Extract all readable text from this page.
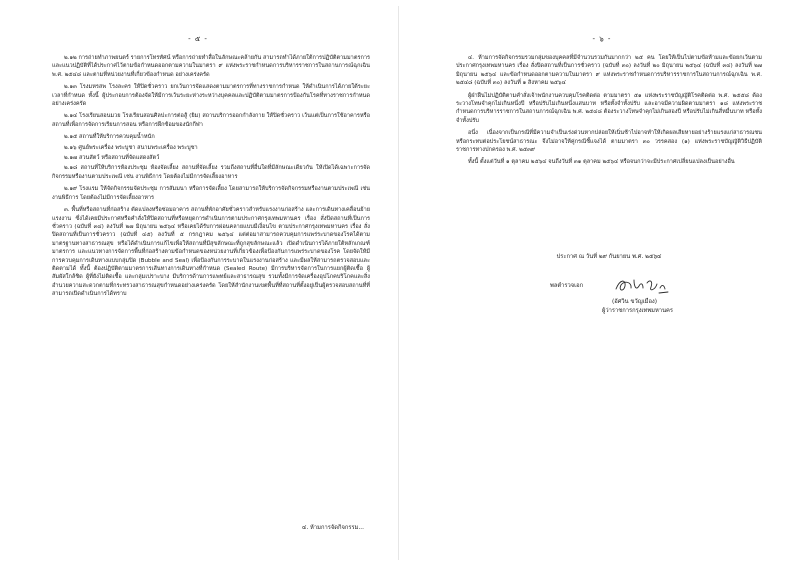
- ๕ -

๒.๑๒ การถ่ายทำภาพยนตร์ รายการโทรทัศน์ หรือการถ่ายทำสื่อในลักษณะคล้ายกัน สามารถทำได้ภายใต้การปฏิบัติตามมาตรการและแนวปฏิบัติที่ได้ประกาศไว้ตามข้อกำหนดออกตามความในมาตรา ๙ แห่งพระราชกำหนดการบริหารราชการในสถานการณ์ฉุกเฉิน พ.ศ. ๒๕๔๘ และตามที่หน่วยงานที่เกี่ยวข้องกำหนด อย่างเคร่งครัด

๒.๑๓ โรงมหรสพ โรงละคร ให้ปิดชั่วคราว ยกเว้นการจัดแสดงตามมาตรการที่ทางราชการกำหนด ให้ดำเนินการได้ภายใต้ระยะเวลาที่กำหนด ทั้งนี้ ผู้ประกอบการต้องจัดให้มีการเว้นระยะห่างระหว่างบุคคลและปฏิบัติตามมาตรการป้องกันโรคที่ทางราชการกำหนดอย่างเคร่งครัด

๒.๑๔ โรงเรียนสอนมวย โรงเรียนสอนศิลปะการต่อสู้ (ยิม) สถานบริการออกกำลังกาย ให้ปิดชั่วคราว เว้นแต่เป็นการใช้อาคารหรือสถานที่เพื่อการจัดการเรียนการสอน หรือการฝึกซ้อมของนักกีฬา

๒.๑๕ สถานที่ให้บริการควบคุมน้ำหนัก

๒.๑๖ ศูนย์พระเครื่อง พระบูชา สนามพระเครื่อง พระบูชา

๒.๑๗ สวนสัตว์ หรือสถานที่จัดแสดงสัตว์

๒.๑๘ สถานที่ให้บริการห้องประชุม ห้องจัดเลี้ยง สถานที่จัดเลี้ยง รวมถึงสถานที่อื่นใดที่มีลักษณะเดียวกัน ให้เปิดได้เฉพาะการจัดกิจกรรมหรืองานตามประเพณี เช่น งานพิธีการ โดยต้องไม่มีการจัดเลี้ยงอาหาร

๒.๑๙ โรงแรม ให้จัดกิจกรรมจัดประชุม การสัมมนา หรือการจัดเลี้ยง โดยสามารถให้บริการจัดกิจกรรมหรืองานตามประเพณี เช่น งานพิธีการ โดยต้องไม่มีการจัดเลี้ยงอาหาร

๓. พื้นที่หรือสถานที่ก่อสร้าง ตัดแปลงหรือซ่อมอาคาร สถานที่พักอาศัยชั่วคราวสำหรับแรงงานก่อสร้าง และการเดินทางเคลื่อนย้ายแรงงาน ซึ่งได้เคยมีประกาศหรือคำสั่งให้ปิดสถานที่หรือหยุดการดำเนินการตามประกาศกรุงเทพมหานคร เรื่อง สั่งปิดสถานที่เป็นการชั่วคราว (ฉบับที่ ๓๔) ลงวันที่ ๒๗ มิถุนายน ๒๕๖๔ หรือเคยได้รับการผ่อนคลายแบบมีเงื่อนไข ตามประกาศกรุงเทพมหานคร เรื่อง สั่งปิดสถานที่เป็นการชั่วคราว (ฉบับที่ ๔๕) ลงวันที่ ๕ กรกฎาคม ๒๕๖๔ แต่ต่อมาสามารถควบคุมการแพร่ระบาดของโรคได้ตามมาตรฐานทางสาธารณสุข หรือได้ดำเนินการแก้ไขเพื่อให้สถานที่มีสุขลักษณะที่ถูกสุขลักษณะแล้ว เปิดดำเนินการได้ภายใต้หลักเกณฑ์ มาตรการ และแนวทางการจัดการพื้นที่ก่อสร้างตามข้อกำหนดของหน่วยงานที่เกี่ยวข้องเพื่อป้องกันการแพร่ระบาดของโรค โดยจัดให้มีการควบคุมการเดินทางแบบกลุ่มปิด (Bubble and Seal) เพื่อป้องกันการระบาดในแรงงานก่อสร้าง และมีผลให้สามารถตรวจสอบและติดตามได้ ทั้งนี้ ต้องปฏิบัติตามมาตรการเส้นทางการเดินทางที่กำหนด (Sealed Route) มีการบริหารจัดการในการแยกผู้ติดเชื้อ ผู้สัมผัสใกล้ชิด ผู้ที่ยังไม่ติดเชื้อ และกลุ่มเปราะบาง มีบริการด้านการแพทย์และสาธารณสุข รวมทั้งมีการจัดเครื่องอุปโภคบริโภคและสิ่งอำนวยความสะดวกตามที่กระทรวงสาธารณสุขกำหนดอย่างเคร่งครัด โดยให้สำนักงานเขตพื้นที่ที่สถานที่ตั้งอยู่เป็นผู้ตรวจสอบสถานที่ที่สามารถเปิดดำเนินการได้ทราบ

๔. ห้ามการจัดกิจกรรม...
- ๖ -

๔. ห้ามการจัดกิจกรรมรวมกลุ่มของบุคคลที่มีจำนวนรวมกันมากกว่า ๒๕ คน โดยให้เป็นไปตามข้อห้ามและข้อยกเว้นตามประกาศกรุงเทพมหานคร เรื่อง สั่งปิดสถานที่เป็นการชั่วคราว (ฉบับที่ ๓๐) ลงวันที่ ๒๐ มิถุนายน ๒๕๖๔ (ฉบับที่ ๓๔) ลงวันที่ ๒๗ มิถุนายน ๒๕๖๔ และข้อกำหนดออกตามความในมาตรา ๙ แห่งพระราชกำหนดการบริหารราชการในสถานการณ์ฉุกเฉิน พ.ศ. ๒๕๔๘ (ฉบับที่ ๓๐) ลงวันที่ ๑ สิงหาคม ๒๕๖๔

ผู้ฝ่าฝืนไม่ปฏิบัติตามคำสั่งเจ้าพนักงานควบคุมโรคติดต่อ ตามมาตรา ๕๑ แห่งพระราชบัญญัติโรคติดต่อ พ.ศ. ๒๕๕๘ ต้องระวางโทษจำคุกไม่เกินหนึ่งปี หรือปรับไม่เกินหนึ่งแสนบาท หรือทั้งจำทั้งปรับ และอาจมีความผิดตามมาตรา ๑๘ แห่งพระราชกำหนดการบริหารราชการในสถานการณ์ฉุกเฉิน พ.ศ. ๒๕๔๘ ต้องระวางโทษจำคุกไม่เกินสองปี หรือปรับไม่เกินสี่หมื่นบาท หรือทั้งจำทั้งปรับ

อนึ่ง เนื่องจากเป็นกรณีที่มีความจำเป็นเร่งด่วนหากปล่อยให้เนิ่นช้าไปอาจทำให้เกิดผลเสียหายอย่างร้ายแรงแก่สาธารณชนหรือกระทบต่อประโยชน์สาธารณะ จึงไม่อาจให้คู่กรณีชี้แจงได้ ตามมาตรา ๓๐ วรรคสอง (๑) แห่งพระราชบัญญัติวิธีปฏิบัติราชการทางปกครอง พ.ศ. ๒๕๓๙

ทั้งนี้ ตั้งแต่วันที่ ๑ ตุลาคม ๒๕๖๔ จนถึงวันที่ ๓๑ ตุลาคม ๒๕๖๔ หรือจนกว่าจะมีประกาศเปลี่ยนแปลงเป็นอย่างอื่น

ประกาศ ณ วันที่ ๒๙ กันยายน พ.ศ. ๒๕๖๔
พลตำรวจเอก
(อัศวิน ขวัญเมือง)
ผู้ว่าราชการกรุงเทพมหานคร
